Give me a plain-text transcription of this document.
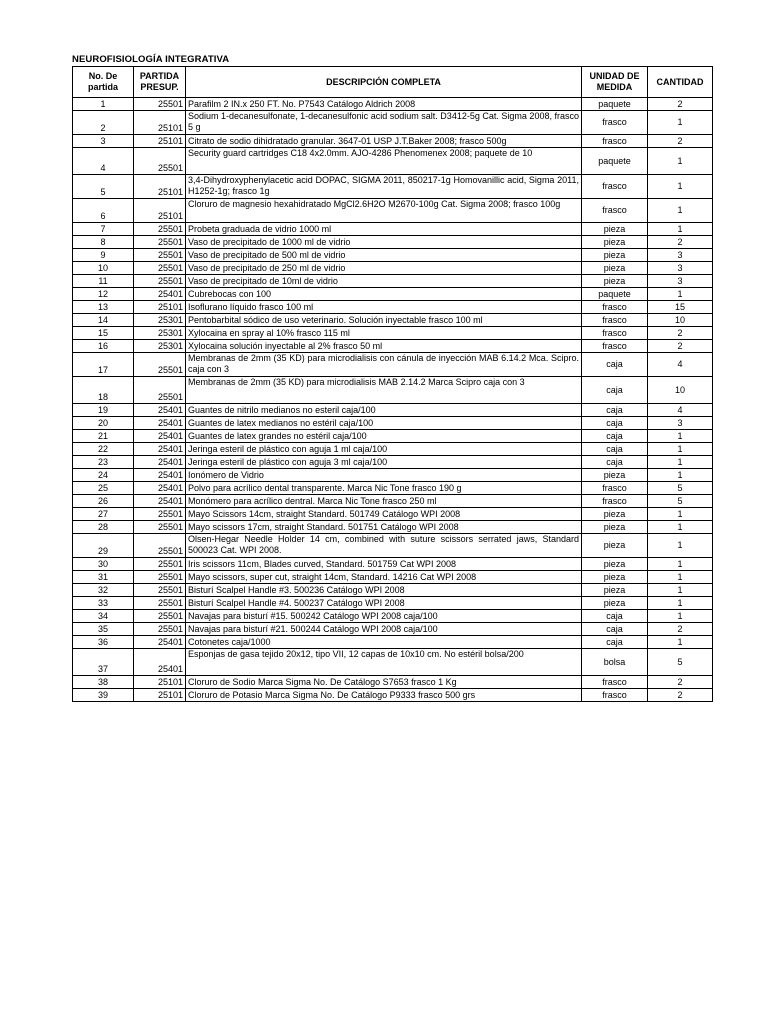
NEUROFISIOLOGÍA INTEGRATIVA
No. De partida	PARTIDA PRESUP.	DESCRIPCIÓN COMPLETA	UNIDAD DE MEDIDA	CANTIDAD
1	25501	Parafilm 2 IN.x 250 FT. No. P7543 Catálogo Aldrich 2008	paquete	2
2	25101	Sodium 1-decanesulfonate, 1-decanesulfonic acid sodium salt. D3412-5g Cat. Sigma 2008, frasco 5 g	frasco	1
3	25101	Citrato de sodio dihidratado granular. 3647-01 USP J.T.Baker 2008; frasco 500g	frasco	2
4	25501	Security guard cartridges C18 4x2.0mm. AJO-4286 Phenomenex 2008; paquete de 10	paquete	1
5	25101	3,4-Dihydroxyphenylacetic acid DOPAC, SIGMA 2011, 850217-1g Homovanillic acid, Sigma 2011, H1252-1g; frasco 1g	frasco	1
6	25101	Cloruro de magnesio hexahidratado MgCl2.6H2O M2670-100g Cat. Sigma 2008; frasco 100g	frasco	1
7	25501	Probeta graduada de vidrio 1000 ml	pieza	1
8	25501	Vaso de precipitado de 1000 ml de vidrio	pieza	2
9	25501	Vaso de precipitado de 500 ml de vidrio	pieza	3
10	25501	Vaso de precipitado de 250 ml de vidrio	pieza	3
11	25501	Vaso de precipitado de 10ml de vidrio	pieza	3
12	25401	Cubrebocas con 100	paquete	1
13	25101	Isoflurano líquido frasco 100 ml	frasco	15
14	25301	Pentobarbital sódico de uso veterinario. Solución inyectable frasco 100 ml	frasco	10
15	25301	Xylocaina en spray al 10% frasco 115 ml	frasco	2
16	25301	Xylocaina solución inyectable al 2% frasco 50 ml	frasco	2
17	25501	Membranas de 2mm (35 KD) para microdialisis con cánula de inyección MAB 6.14.2 Mca. Scipro. caja con 3	caja	4
18	25501	Membranas de 2mm (35 KD) para microdialisis MAB 2.14.2 Marca Scipro caja con 3	caja	10
19	25401	Guantes de nitrilo medianos no esteril caja/100	caja	4
20	25401	Guantes de latex medianos no estéril caja/100	caja	3
21	25401	Guantes de latex grandes no estéril caja/100	caja	1
22	25401	Jeringa esteril de plástico con aguja 1 ml caja/100	caja	1
23	25401	Jeringa esteril de plástico con aguja 3 ml caja/100	caja	1
24	25401	Ionómero de Vidrio	pieza	1
25	25401	Polvo para acrílico dental transparente. Marca Nic Tone frasco 190 g	frasco	5
26	25401	Monómero para acrílico dentral. Marca Nic Tone frasco 250 ml	frasco	5
27	25501	Mayo Scissors 14cm, straight Standard. 501749 Catálogo WPI 2008	pieza	1
28	25501	Mayo scissors 17cm, straight Standard. 501751 Catálogo WPI 2008	pieza	1
29	25501	Olsen-Hegar Needle Holder 14 cm, combined with suture scissors serrated jaws, Standard 500023 Cat. WPI 2008.	pieza	1
30	25501	Iris scissors 11cm, Blades curved, Standard. 501759 Cat WPI 2008	pieza	1
31	25501	Mayo scissors, super cut, straight 14cm, Standard. 14216 Cat WPI 2008	pieza	1
32	25501	Bisturí Scalpel Handle #3. 500236 Catálogo WPI 2008	pieza	1
33	25501	Bisturí Scalpel Handle #4. 500237 Catálogo WPI 2008	pieza	1
34	25501	Navajas para bisturí #15. 500242 Catálogo WPI 2008 caja/100	caja	1
35	25501	Navajas para bisturí #21. 500244 Catálogo WPI 2008 caja/100	caja	2
36	25401	Cotonetes caja/1000	caja	1
37	25401	Esponjas de gasa tejido 20x12, tipo VII, 12 capas de 10x10 cm. No estéril bolsa/200	bolsa	5
38	25101	Cloruro de Sodio Marca Sigma No. De Catálogo S7653 frasco 1 Kg	frasco	2
39	25101	Cloruro de Potasio Marca Sigma No. De Catálogo P9333 frasco 500 grs	frasco	2
